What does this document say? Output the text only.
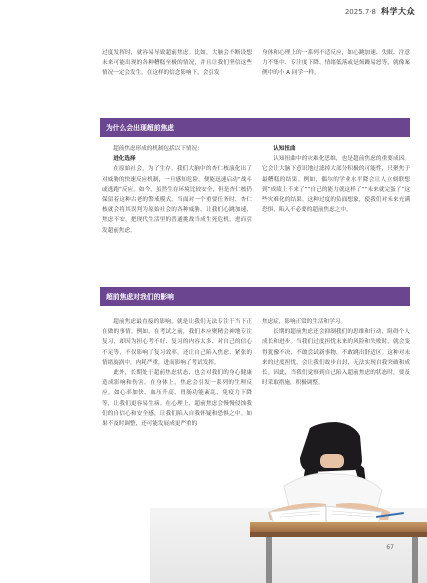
2025.7·8 科学大众

过度发挥时，就容易导致超前焦虑。比如，大脑会不断设想未来可能出现的各种糟糕至极的情况，并且让我们坚信这些情况一定会发生。在这样的信念影响下，会引发

身体和心理上的一系列不适反应，如心跳加速、失眠、注意力不集中、专注度下降、情绪低落或是烦躁易怒等，就像案例中的小 A 同学一样。

为什么会出现超前焦虑

超前焦虑形成的机制包括以下情况：

进化选择

在原始社会，为了生存，我们大脑中的杏仁核演化出了对威胁的快速反应机制，一旦感知危险，便能迅速启动“战斗或逃跑”反应。如今，虽然生存环境比较安全，但是杏仁核仍保留着这种古老的警戒模式。当面对一个重要任务时，杏仁核就会将其误判为原始社会的各种威胁，让我们心跳加速、焦虑不安，把现代生活里的普通挑战当成生死危机，进而引发超前焦虑。

认知扭曲

认知扭曲中的灾难化思维，也是超前焦虑的重要成因。它会让大脑下意识地过滤掉大部分积极的可能性，只聚焦于最糟糕的结果。例如，偶尔的学业水平降会让人立刻联想到“成绩上不来了”“自己的能力就这样了”“未来就完蛋了”这些灾难化的结果。这种过度的负面想象，使我们对未来充满恐惧，陷入不必要的超前焦虑之中。

超前焦虑对我们的影响

超前焦虑最直接的影响，就是让我们无法专注于当下正在做的事情。例如，在考试之前，我们本应聚精会神地专注复习，却因为担心考不好、复习的内容太多、对自己的信心不足等，不仅影响了复习效率，还让自己陷入焦虑、紧张的情绪旋涡中，内耗严重，进而影响了考试发挥。

此外，长期处于超前焦虑状态，也会对我们的身心健康造成影响和伤害。在身体上，焦虑会引发一系列的生理反应，如心率加快、血压升高、胃肠功能紊乱、免疫力下降等，让我们更容易生病。在心理上，超前焦虑会慢慢侵蚀我们的自信心和安全感，让我们陷入自我怀疑和恐惧之中。如果不及时调整，还可能发展成更严重的

焦虑症，影响正常的生活和学习。

长期的超前焦虑还会抑制我们的思维和行动，阻碍个人成长和进步。当我们过度担忧未来的风险和失败时，就会变得犹豫不决，不敢尝试新事物，不敢跳出舒适区。这种对未来的过度担忧，会让我们故步自封，无法实现自我突破和成长。因此，当我们觉察到自己陷入超前焦虑的状态时，要及时采取措施，积极调整。

67
